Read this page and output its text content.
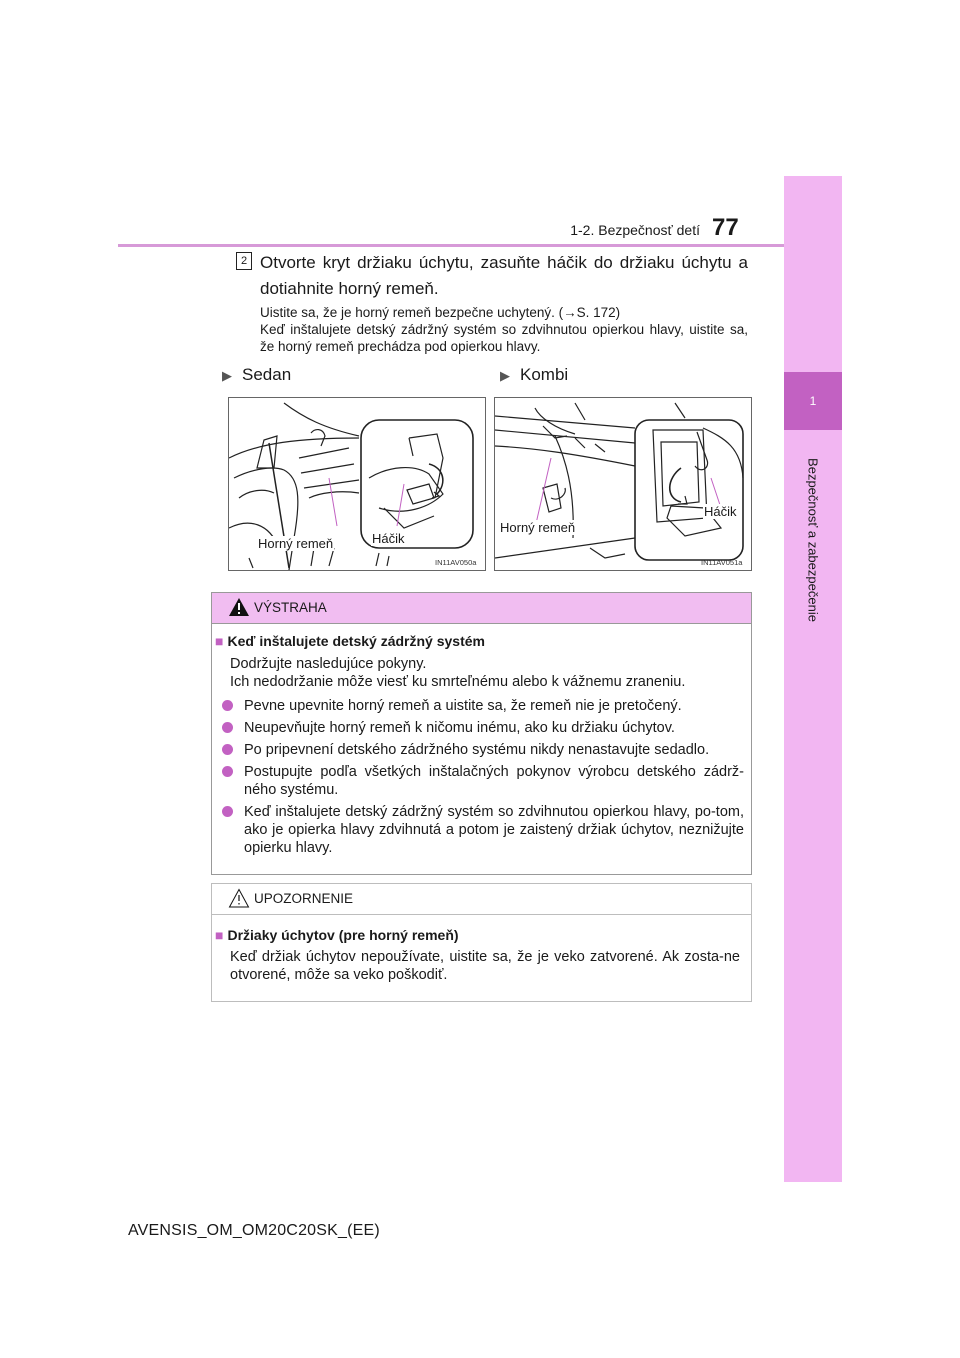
1-2. Bezpečnosť detí 77
1
Bezpečnosť a zabezpečenie
2 Otvorte kryt držiaku úchytu, zasuňte háčik do držiaku úchytu a dotiahnite horný remeň.
Uistite sa, že je horný remeň bezpečne uchytený. (→S. 172)
Keď inštalujete detský zádržný systém so zdvihnutou opierkou hlavy, uistite sa, že horný remeň prechádza pod opierkou hlavy.
▶ Sedan	▶ Kombi
Horný remeň	Háčik
IN11AV050a
Horný remeň
Háčik
IN11AV051a
VÝSTRAHA
■ Keď inštalujete detský zádržný systém
Dodržujte nasledujúce pokyny.
Ich nedodržanie môže viesť ku smrteľnému alebo k vážnemu zraneniu.
Pevne upevnite horný remeň a uistite sa, že remeň nie je pretočený.
Neupevňujte horný remeň k ničomu inému, ako ku držiaku úchytov.
Po pripevnení detského zádržného systému nikdy nenastavujte sedadlo.
Postupujte podľa všetkých inštalačných pokynov výrobcu detského zádrž-ného systému.
Keď inštalujete detský zádržný systém so zdvihnutou opierkou hlavy, po-tom, ako je opierka hlavy zdvihnutá a potom je zaistený držiak úchytov, neznižujte opierku hlavy.
UPOZORNENIE
■ Držiaky úchytov (pre horný remeň)
Keď držiak úchytov nepoužívate, uistite sa, že je veko zatvorené. Ak zosta-ne otvorené, môže sa veko poškodiť.
AVENSIS_OM_OM20C20SK_(EE)
